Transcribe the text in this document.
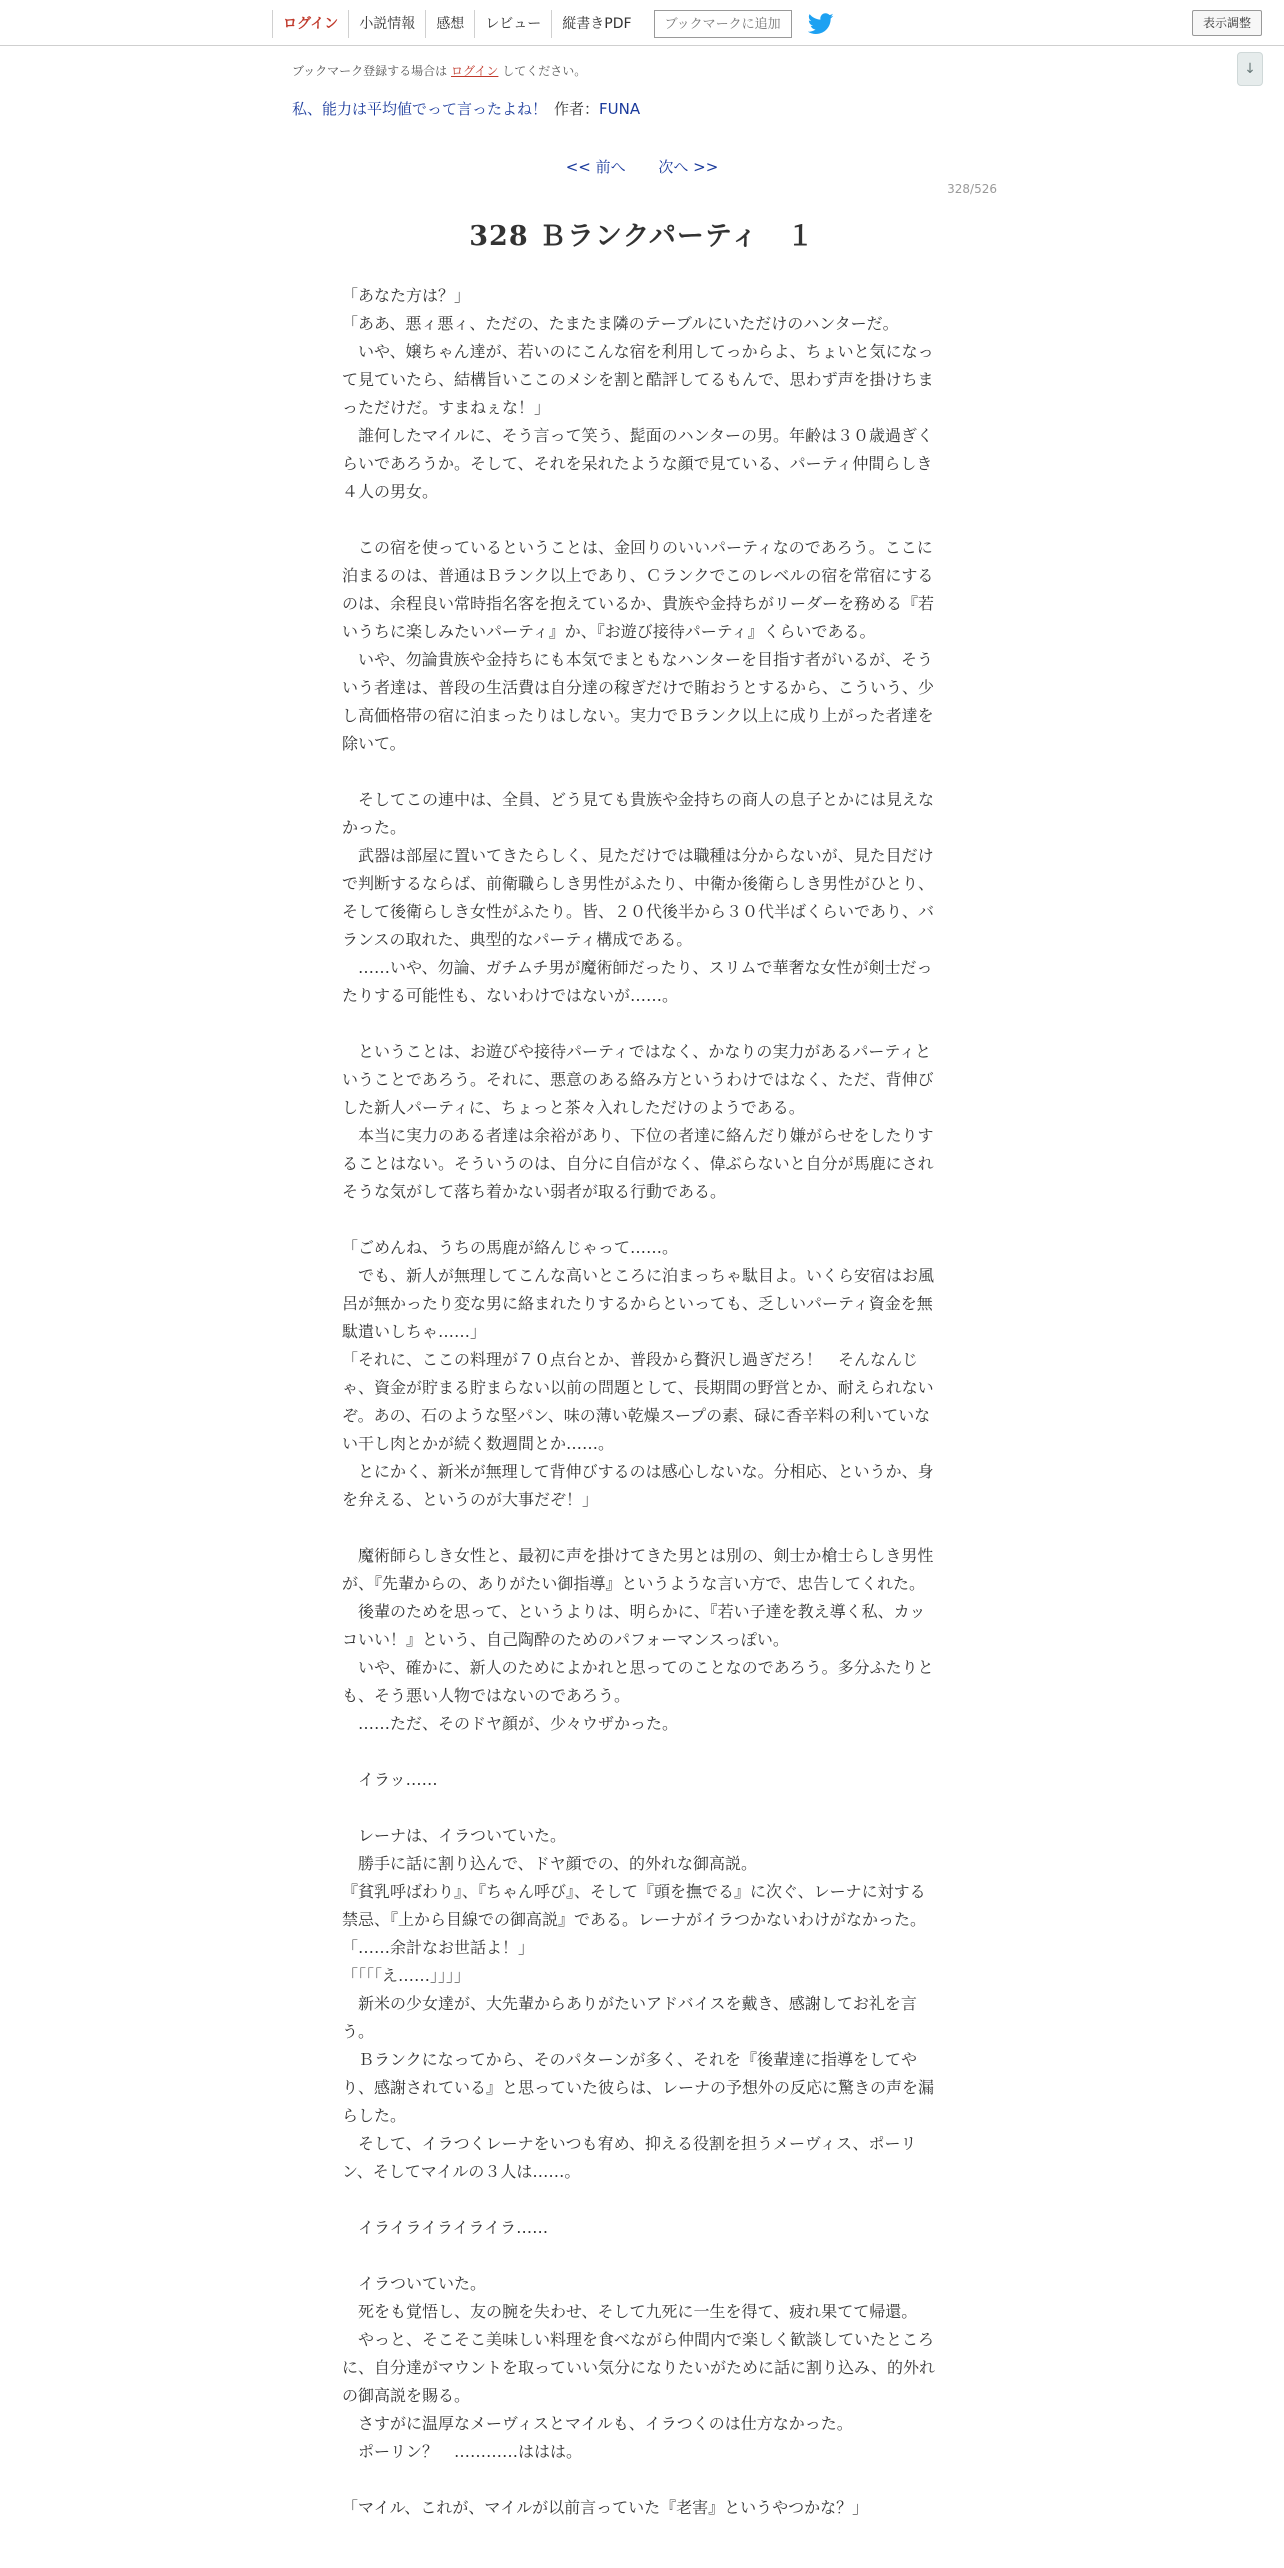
ログイン	小説情報	感想	レビュー	縦書きPDF	ブックマークに追加	表示調整
↓
ブックマーク登録する場合は ログイン してください。
私、能力は平均値でって言ったよね！ 作者：FUNA
<< 前へ 次へ >>
328/526
328 Ｂランクパーティ　１

「あなた方は？」

「ああ、悪ィ悪ィ、ただの、たまたま隣のテーブルにいただけのハンターだ。

　いや、嬢ちゃん達が、若いのにこんな宿を利用してっからよ、ちょいと気になって見ていたら、結構旨いここのメシを割と酷評してるもんで、思わず声を掛けちまっただけだ。すまねぇな！」

　誰何したマイルに、そう言って笑う、髭面のハンターの男。年齢は３０歳過ぎくらいであろうか。そして、それを呆れたような顔で見ている、パーティ仲間らしき４人の男女。

　この宿を使っているということは、金回りのいいパーティなのであろう。ここに泊まるのは、普通はＢランク以上であり、Ｃランクでこのレベルの宿を常宿にするのは、余程良い常時指名客を抱えているか、貴族や金持ちがリーダーを務める『若いうちに楽しみたいパーティ』か、『お遊び接待パーティ』くらいである。

　いや、勿論貴族や金持ちにも本気でまともなハンターを目指す者がいるが、そういう者達は、普段の生活費は自分達の稼ぎだけで賄おうとするから、こういう、少し高価格帯の宿に泊まったりはしない。実力でＢランク以上に成り上がった者達を除いて。

　そしてこの連中は、全員、どう見ても貴族や金持ちの商人の息子とかには見えなかった。

　武器は部屋に置いてきたらしく、見ただけでは職種は分からないが、見た目だけで判断するならば、前衛職らしき男性がふたり、中衛か後衛らしき男性がひとり、そして後衛らしき女性がふたり。皆、２０代後半から３０代半ばくらいであり、バランスの取れた、典型的なパーティ構成である。

　……いや、勿論、ガチムチ男が魔術師だったり、スリムで華奢な女性が剣士だったりする可能性も、ないわけではないが……。

　ということは、お遊びや接待パーティではなく、かなりの実力があるパーティということであろう。それに、悪意のある絡み方というわけではなく、ただ、背伸びした新人パーティに、ちょっと茶々入れしただけのようである。

　本当に実力のある者達は余裕があり、下位の者達に絡んだり嫌がらせをしたりすることはない。そういうのは、自分に自信がなく、偉ぶらないと自分が馬鹿にされそうな気がして落ち着かない弱者が取る行動である。

「ごめんね、うちの馬鹿が絡んじゃって……。

　でも、新人が無理してこんな高いところに泊まっちゃ駄目よ。いくら安宿はお風呂が無かったり変な男に絡まれたりするからといっても、乏しいパーティ資金を無駄遣いしちゃ……」

「それに、ここの料理が７０点台とか、普段から贅沢し過ぎだろ！　そんなんじゃ、資金が貯まる貯まらない以前の問題として、長期間の野営とか、耐えられないぞ。あの、石のような堅パン、味の薄い乾燥スープの素、碌に香辛料の利いていない干し肉とかが続く数週間とか……。

　とにかく、新米が無理して背伸びするのは感心しないな。分相応、というか、身を弁える、というのが大事だぞ！」

　魔術師らしき女性と、最初に声を掛けてきた男とは別の、剣士か槍士らしき男性が、『先輩からの、ありがたい御指導』というような言い方で、忠告してくれた。

　後輩のためを思って、というよりは、明らかに、『若い子達を教え導く私、カッコいい！』という、自己陶酔のためのパフォーマンスっぽい。

　いや、確かに、新人のためによかれと思ってのことなのであろう。多分ふたりとも、そう悪い人物ではないのであろう。

　……ただ、そのドヤ顔が、少々ウザかった。

　イラッ……

　レーナは、イラついていた。

　勝手に話に割り込んで、ドヤ顔での、的外れな御高説。

『貧乳呼ばわり』、『ちゃん呼び』、そして『頭を撫でる』に次ぐ、レーナに対する禁忌、『上から目線での御高説』である。レーナがイラつかないわけがなかった。

「……余計なお世話よ！」

「「「「え……」」」」

　新米の少女達が、大先輩からありがたいアドバイスを戴き、感謝してお礼を言う。

　Ｂランクになってから、そのパターンが多く、それを『後輩達に指導をしてやり、感謝されている』と思っていた彼らは、レーナの予想外の反応に驚きの声を漏らした。

　そして、イラつくレーナをいつも宥め、抑える役割を担うメーヴィス、ポーリン、そしてマイルの３人は……。

　イライライライライラ……

　イラついていた。

　死をも覚悟し、友の腕を失わせ、そして九死に一生を得て、疲れ果てて帰還。

　やっと、そこそこ美味しい料理を食べながら仲間内で楽しく歓談していたところに、自分達がマウントを取っていい気分になりたいがために話に割り込み、的外れの御高説を賜る。

　さすがに温厚なメーヴィスとマイルも、イラつくのは仕方なかった。

　ポーリン？　…………ははは。

「マイル、これが、マイルが以前言っていた『老害』というやつかな？」
